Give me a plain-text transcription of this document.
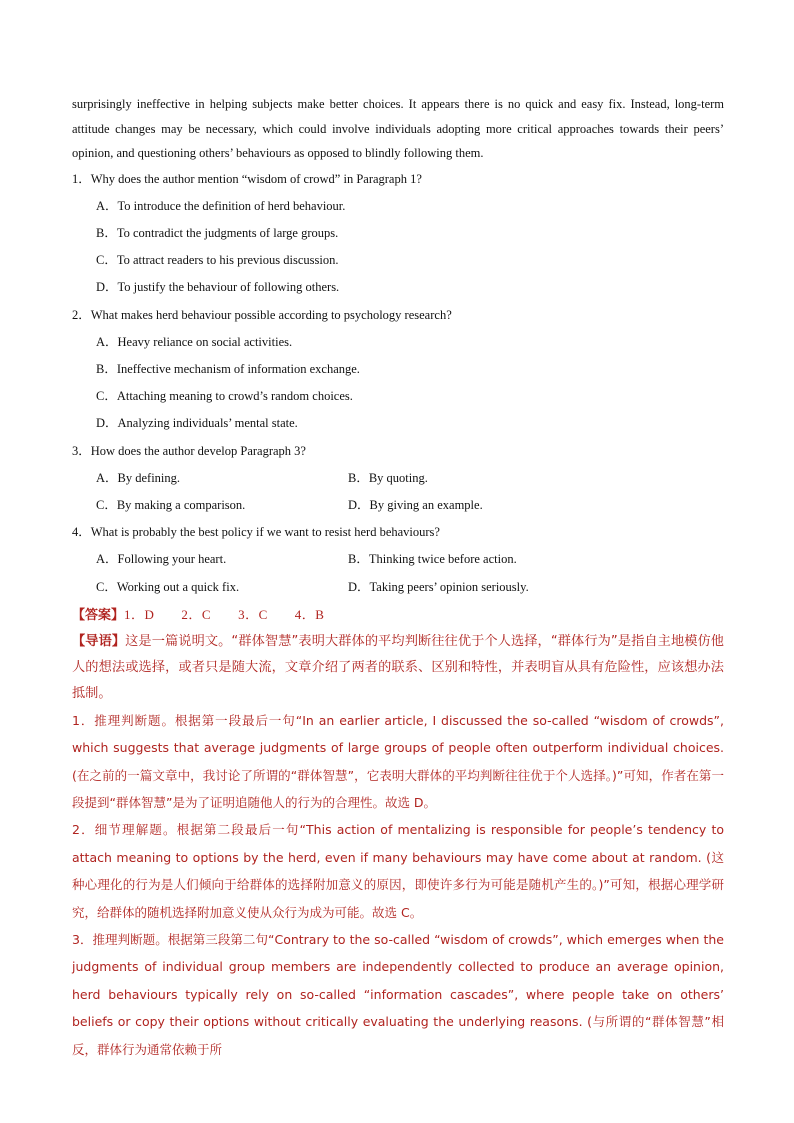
surprisingly ineffective in helping subjects make better choices. It appears there is no quick and easy fix. Instead, long-term attitude changes may be necessary, which could involve individuals adopting more critical approaches towards their peers’ opinion, and questioning others’ behaviours as opposed to blindly following them.

1．Why does the author mention “wisdom of crowd” in Paragraph 1?

A．To introduce the definition of herd behaviour.

B．To contradict the judgments of large groups.

C．To attract readers to his previous discussion.

D．To justify the behaviour of following others.

2．What makes herd behaviour possible according to psychology research?

A．Heavy reliance on social activities.

B．Ineffective mechanism of information exchange.

C．Attaching meaning to crowd’s random choices.

D．Analyzing individuals’ mental state.

3．How does the author develop Paragraph 3?

A．By defining.	B．By quoting.
C．By making a comparison.	D．By giving an example.

4．What is probably the best policy if we want to resist herd behaviours?

A．Following your heart.	B．Thinking twice before action.
C．Working out a quick fix.	D．Taking peers’ opinion seriously.

【答案】1．D　　2．C　　3．C　　4．B

【导语】这是一篇说明文。“群体智慧”表明大群体的平均判断往往优于个人选择，“群体行为”是指自主地模仿他人的想法或选择，或者只是随大流，文章介绍了两者的联系、区别和特性，并表明盲从具有危险性，应该想办法抵制。

1．推理判断题。根据第一段最后一句“In an earlier article, I discussed the so-called “wisdom of crowds”, which suggests that average judgments of large groups of people often outperform individual choices. (在之前的一篇文章中，我讨论了所谓的“群体智慧”，它表明大群体的平均判断往往优于个人选择。)”可知，作者在第一段提到“群体智慧”是为了证明追随他人的行为的合理性。故选 D。

2．细节理解题。根据第二段最后一句“This action of mentalizing is responsible for people’s tendency to attach meaning to options by the herd, even if many behaviours may have come about at random. (这种心理化的行为是人们倾向于给群体的选择附加意义的原因，即使许多行为可能是随机产生的。)”可知，根据心理学研究，给群体的随机选择附加意义使从众行为成为可能。故选 C。

3．推理判断题。根据第三段第二句“Contrary to the so-called “wisdom of crowds”, which emerges when the judgments of individual group members are independently collected to produce an average opinion, herd behaviours typically rely on so-called “information cascades”, where people take on others’ beliefs or copy their options without critically evaluating the underlying reasons. (与所谓的“群体智慧”相反，群体行为通常依赖于所
